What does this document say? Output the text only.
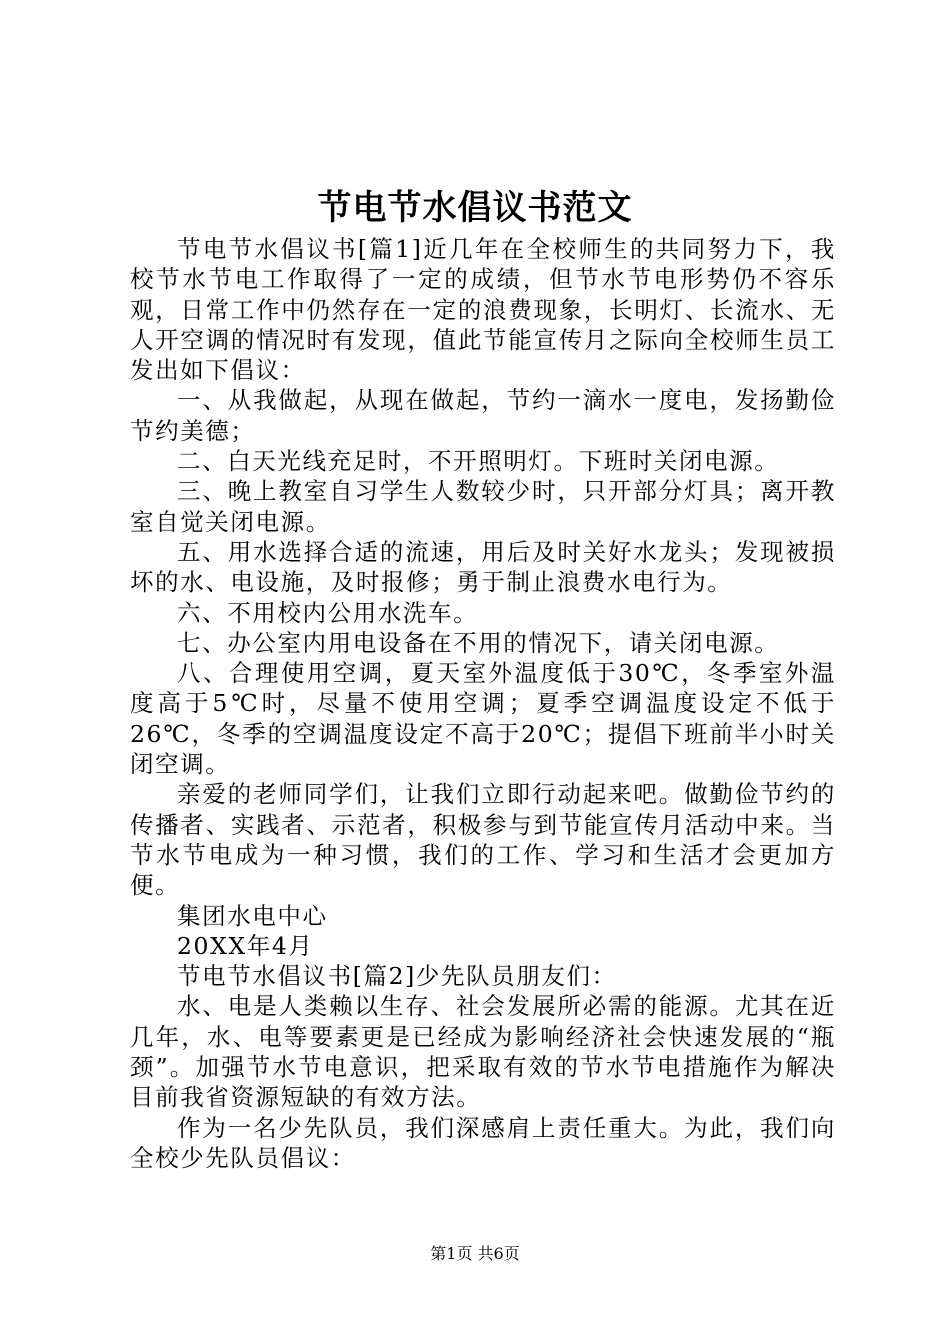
节电节水倡议书范文

节电节水倡议书[篇1]近几年在全校师生的共同努力下，我校节水节电工作取得了一定的成绩，但节水节电形势仍不容乐观，日常工作中仍然存在一定的浪费现象，长明灯、长流水、无人开空调的情况时有发现，值此节能宣传月之际向全校师生员工发出如下倡议：

一、从我做起，从现在做起，节约一滴水一度电，发扬勤俭节约美德；

二、白天光线充足时，不开照明灯。下班时关闭电源。

三、晚上教室自习学生人数较少时，只开部分灯具；离开教室自觉关闭电源。

五、用水选择合适的流速，用后及时关好水龙头；发现被损坏的水、电设施，及时报修；勇于制止浪费水电行为。

六、不用校内公用水洗车。

七、办公室内用电设备在不用的情况下，请关闭电源。

八、合理使用空调，夏天室外温度低于30℃，冬季室外温度高于5℃时，尽量不使用空调；夏季空调温度设定不低于26℃，冬季的空调温度设定不高于20℃；提倡下班前半小时关闭空调。

亲爱的老师同学们，让我们立即行动起来吧。做勤俭节约的传播者、实践者、示范者，积极参与到节能宣传月活动中来。当节水节电成为一种习惯，我们的工作、学习和生活才会更加方便。

集团水电中心

20XX年4月

节电节水倡议书[篇2]少先队员朋友们：

水、电是人类赖以生存、社会发展所必需的能源。尤其在近几年，水、电等要素更是已经成为影响经济社会快速发展的“瓶颈”。加强节水节电意识，把采取有效的节水节电措施作为解决目前我省资源短缺的有效方法。

作为一名少先队员，我们深感肩上责任重大。为此，我们向全校少先队员倡议：

第1页 共6页
